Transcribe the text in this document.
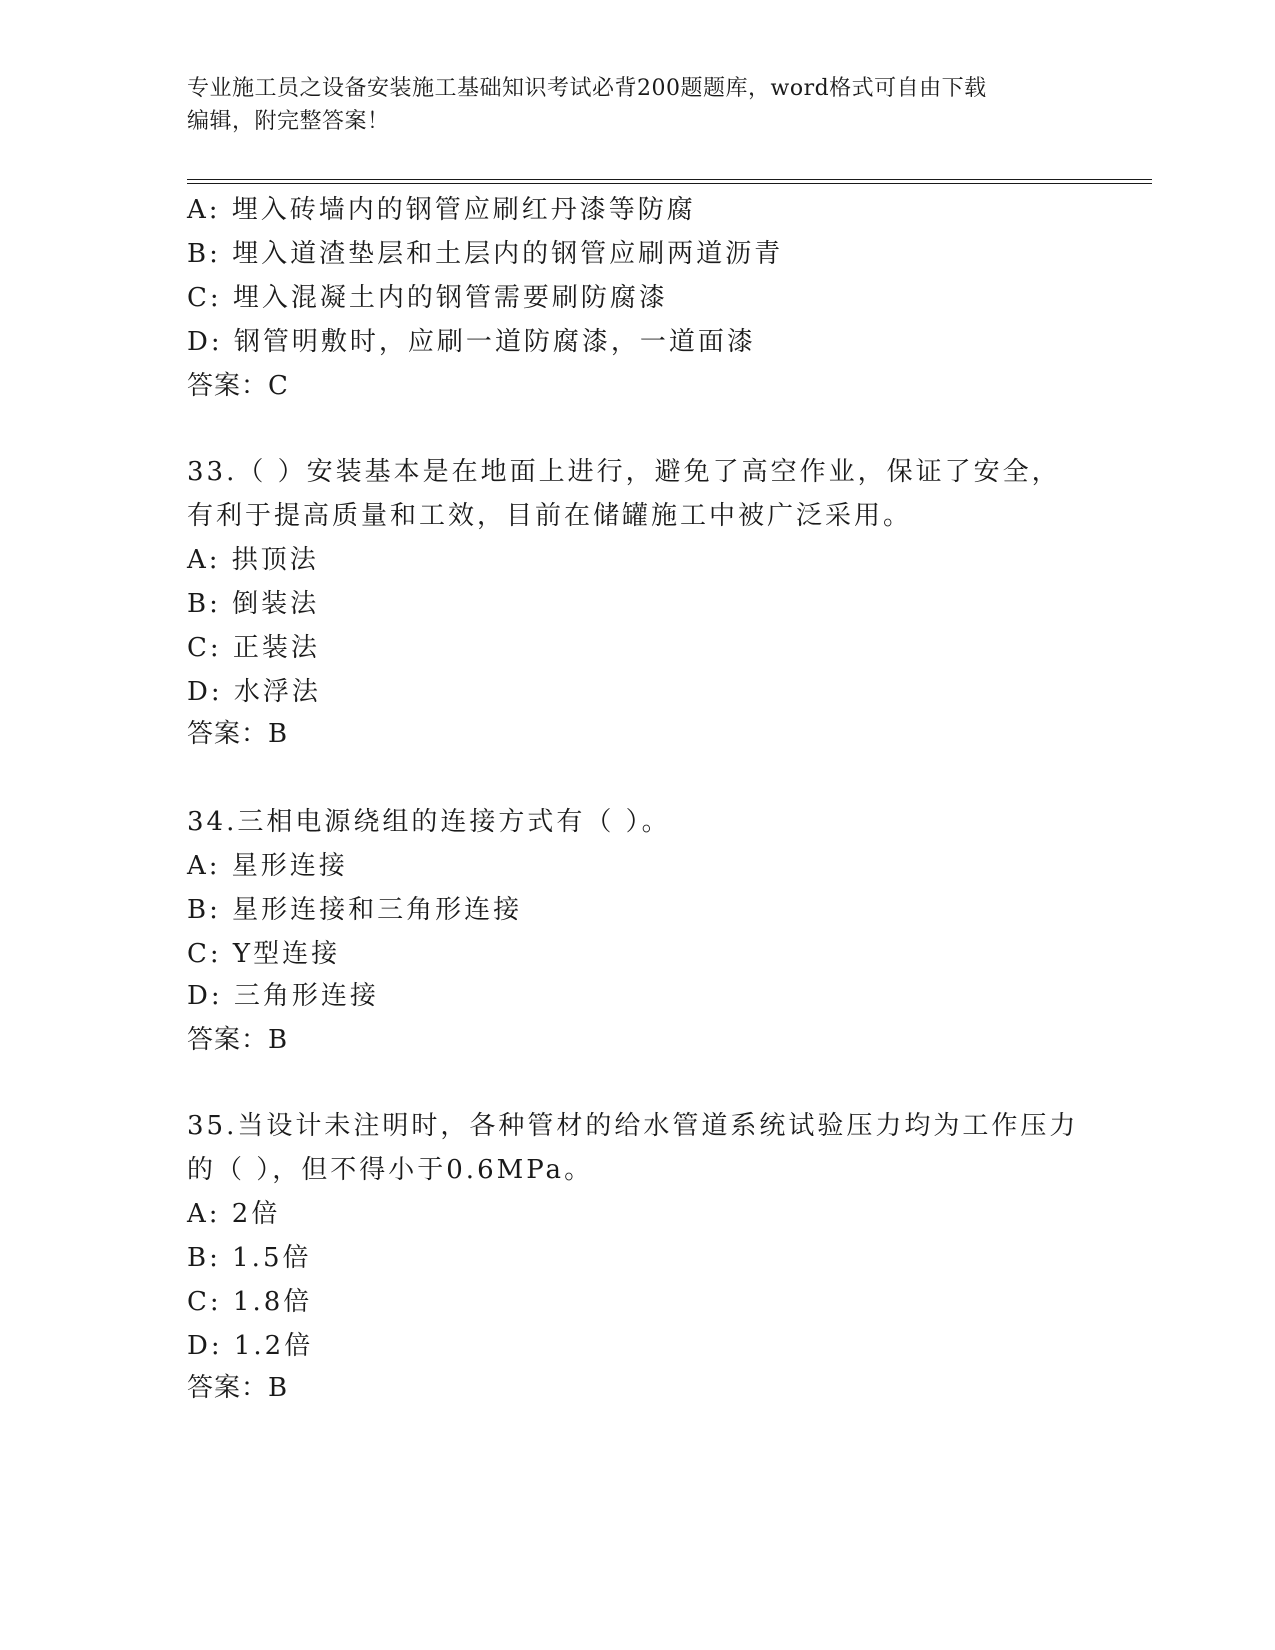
专业施工员之设备安装施工基础知识考试必背200题题库，word格式可自由下载
编辑，附完整答案！
A: 埋入砖墙内的钢管应刷红丹漆等防腐
B: 埋入道渣垫层和土层内的钢管应刷两道沥青
C: 埋入混凝土内的钢管需要刷防腐漆
D: 钢管明敷时，应刷一道防腐漆，一道面漆
答案：C
33.（ ）安装基本是在地面上进行，避免了高空作业，保证了安全，
有利于提高质量和工效，目前在储罐施工中被广泛采用。
A: 拱顶法
B: 倒装法
C: 正装法
D: 水浮法
答案：B
34.三相电源绕组的连接方式有（ ）。
A: 星形连接
B: 星形连接和三角形连接
C: Y型连接
D: 三角形连接
答案：B
35.当设计未注明时，各种管材的给水管道系统试验压力均为工作压力
的（ ），但不得小于0.6MPa。
A: 2倍
B: 1.5倍
C: 1.8倍
D: 1.2倍
答案：B
